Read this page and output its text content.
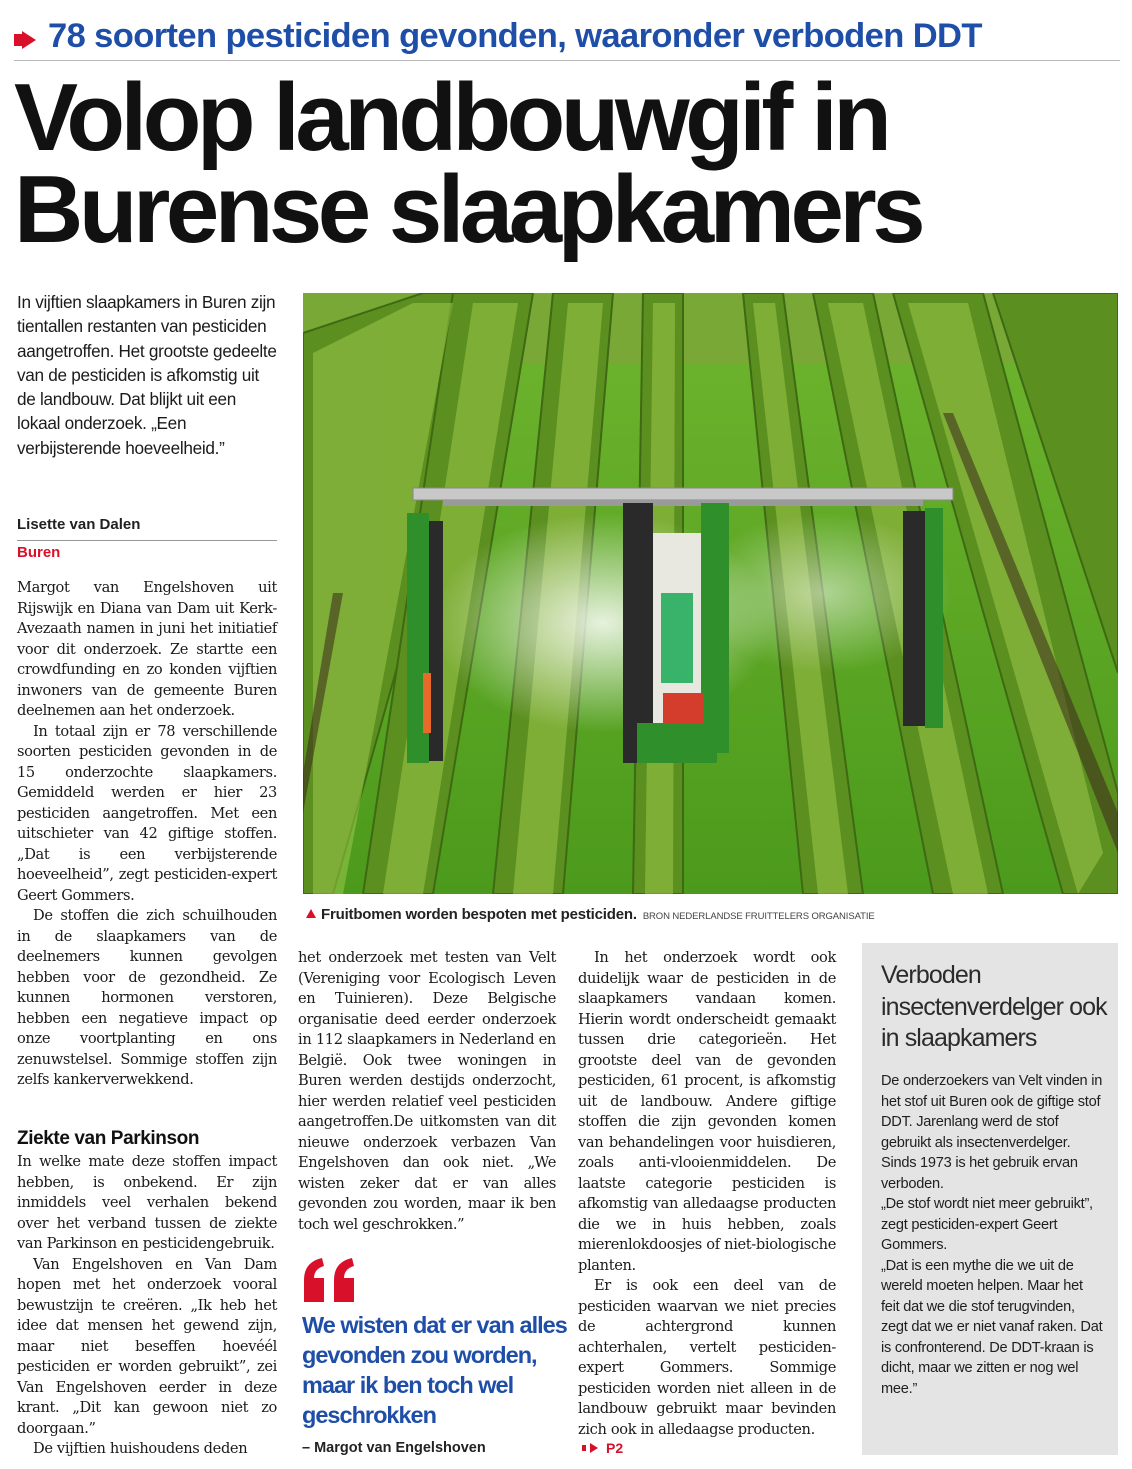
78 soorten pesticiden gevonden, waaronder verboden DDT
Volop landbouwgif in
Burense slaapkamers

In vijftien slaapkamers in Buren zijn tientallen restanten van pesticiden aangetroffen. Het grootste gedeelte van de pesticiden is afkomstig uit de landbouw. Dat blijkt uit een lokaal onderzoek. „Een verbijsterende hoeveelheid.”

Lisette van Dalen
Buren

Margot van Engelshoven uit Rijswijk en Diana van Dam uit Kerk-Avezaath namen in juni het initiatief voor dit onderzoek. Ze startte een crowdfunding en zo konden vijftien inwoners van de gemeente Buren deelnemen aan het onderzoek.

In totaal zijn er 78 verschillende soorten pesticiden gevonden in de 15 onderzochte slaapkamers. Gemiddeld werden er hier 23 pesticiden aangetroffen. Met een uitschieter van 42 giftige stoffen. „Dat is een verbijsterende hoeveelheid”, zegt pesticiden-expert Geert Gommers.

De stoffen die zich schuilhouden in de slaapkamers van de deelnemers kunnen gevolgen hebben voor de gezondheid. Ze kunnen hormonen verstoren, hebben een negatieve impact op onze voortplanting en ons zenuwstelsel. Sommige stoffen zijn zelfs kankerverwekkend.

Ziekte van Parkinson

In welke mate deze stoffen impact hebben, is onbekend. Er zijn inmiddels veel verhalen bekend over het verband tussen de ziekte van Parkinson en pesticidengebruik.

Van Engelshoven en Van Dam hopen met het onderzoek vooral bewustzijn te creëren. „Ik heb het idee dat mensen het gewend zijn, maar niet beseffen hoevéél pesticiden er worden gebruikt”, zei Van Engelshoven eerder in deze krant. „Dit kan gewoon niet zo doorgaan.”

De vijftien huishoudens deden

Fruitbomen worden bespoten met pesticiden. BRON NEDERLANDSE FRUITTELERS ORGANISATIE

het onderzoek met testen van Velt (Vereniging voor Ecologisch Leven en Tuinieren). Deze Belgische organisatie deed eerder onderzoek in 112 slaapkamers in Nederland en België. Ook twee woningen in Buren werden destijds onderzocht, hier werden relatief veel pesticiden aangetroffen.De uitkomsten van dit nieuwe onderzoek verbazen Van Engelshoven dan ook niet. „We wisten zeker dat er van alles gevonden zou worden, maar ik ben toch wel geschrokken.”

We wisten dat er van alles gevonden zou worden, maar ik ben toch wel geschrokken
– Margot van Engelshoven

In het onderzoek wordt ook duidelijk waar de pesticiden in de slaapkamers vandaan komen. Hierin wordt onderscheidt gemaakt tussen drie categorieën. Het grootste deel van de gevonden pesticiden, 61 procent, is afkomstig uit de landbouw. Andere giftige stoffen die zijn gevonden komen van behandelingen voor huisdieren, zoals anti-vlooienmiddelen. De laatste categorie pesticiden is afkomstig van alledaagse producten die we in huis hebben, zoals mierenlokdoosjes of niet-biologische planten.

Er is ook een deel van de pesticiden waarvan we niet precies de achtergrond kunnen achterhalen, vertelt pesticiden-expert Gommers. Sommige pesticiden worden niet alleen in de landbouw gebruikt maar bevinden zich ook in alledaagse producten.

P2
Verboden insectenverdelger ook in slaapkamers

De onderzoekers van Velt vinden in het stof uit Buren ook de giftige stof DDT. Jarenlang werd de stof gebruikt als insectenverdelger. Sinds 1973 is het gebruik ervan verboden.

„De stof wordt niet meer gebruikt”, zegt pesticiden-expert Geert Gommers.

„Dat is een mythe die we uit de wereld moeten helpen. Maar het feit dat we die stof terugvinden, zegt dat we er niet vanaf raken. Dat is confronterend. De DDT-kraan is dicht, maar we zitten er nog wel mee.”
